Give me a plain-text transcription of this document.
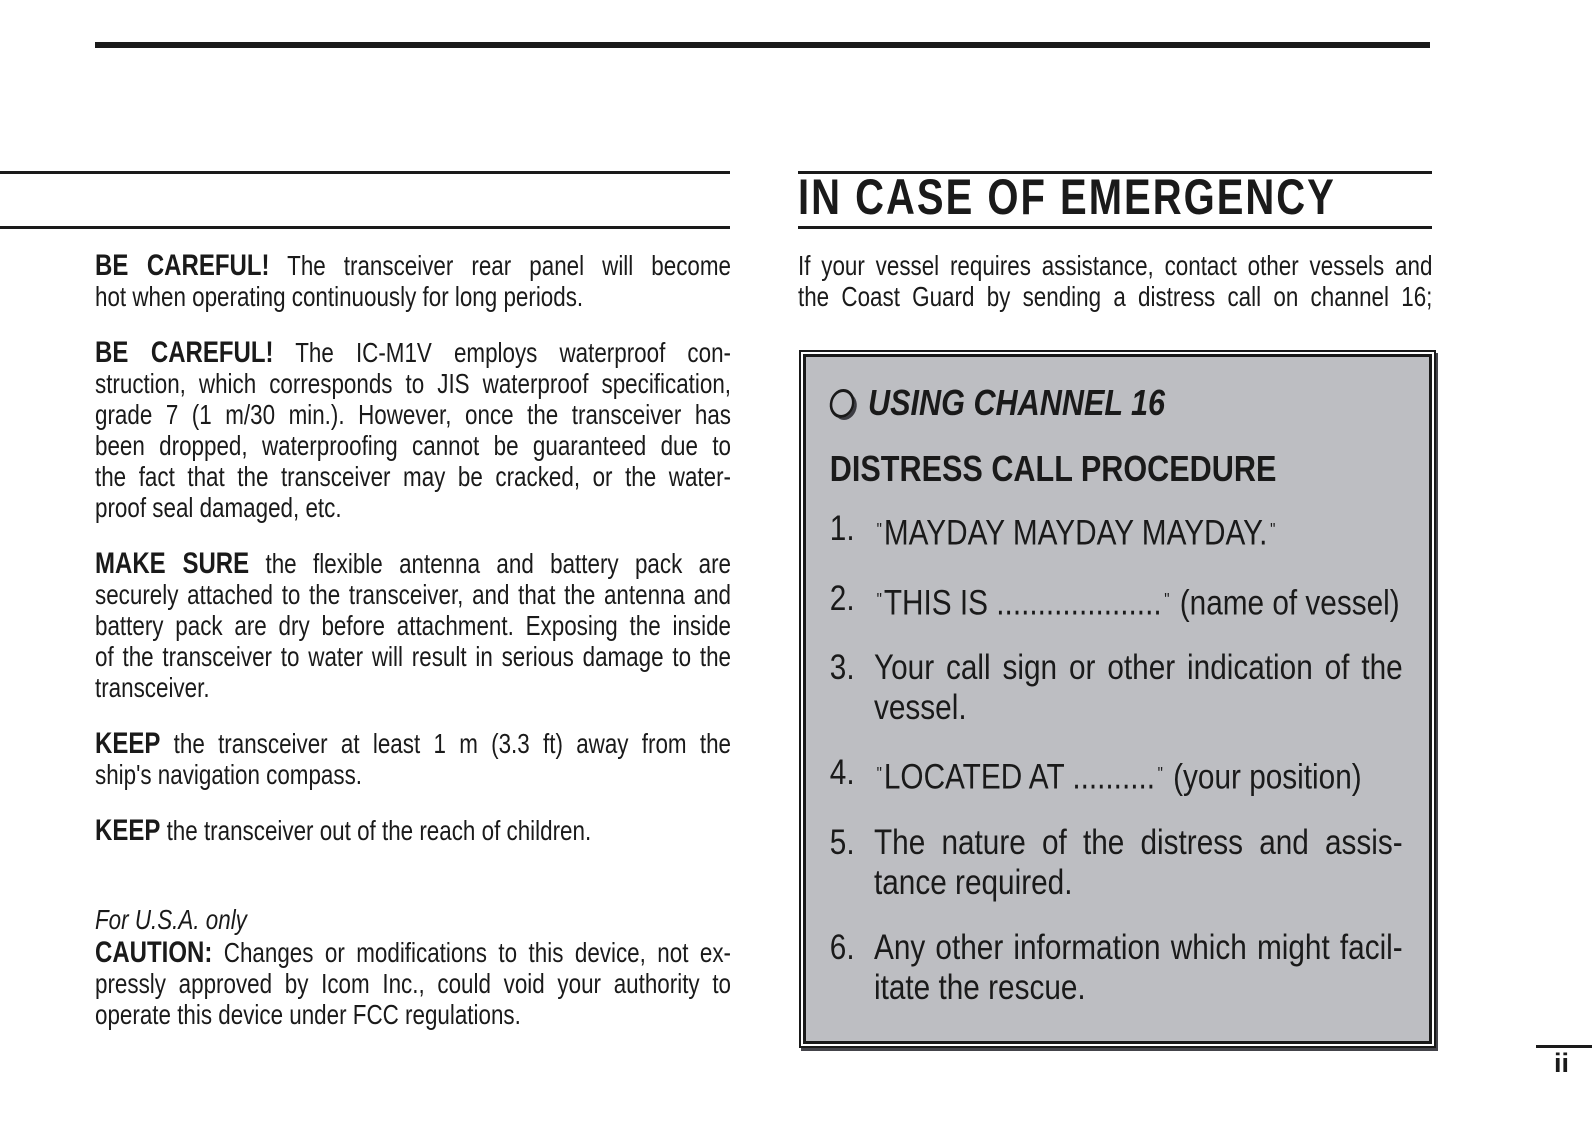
IN CASE OF EMERGENCY
BE CAREFUL! The transceiver rear panel will become
hot when operating continuously for long periods.
BE CAREFUL! The IC-M1V employs waterproof con-
struction, which corresponds to JIS waterproof specification,
grade 7 (1 m/30 min.). However, once the transceiver has
been dropped, waterproofing cannot be guaranteed due to
the fact that the transceiver may be cracked, or the water-
proof seal damaged, etc.
MAKE SURE the flexible antenna and battery pack are
securely attached to the transceiver, and that the antenna and
battery pack are dry before attachment. Exposing the inside
of the transceiver to water will result in serious damage to the
transceiver.
KEEP the transceiver at least 1 m (3.3 ft) away from the
ship's navigation compass.
KEEP the transceiver out of the reach of children.
For U.S.A. only
CAUTION: Changes or modifications to this device, not ex-
pressly approved by Icom Inc., could void your authority to
operate this device under FCC regulations.
If your vessel requires assistance, contact other vessels and
the Coast Guard by sending a distress call on channel 16;
USING CHANNEL 16
DISTRESS CALL PROCEDURE
1.	"MAYDAY MAYDAY MAYDAY. "
2.	"THIS IS .................... " (name of vessel)
3. Your call sign or other indication of the
vessel.
4.	"LOCATED AT .......... " (your position)
5. The nature of the distress and assis-
tance required.
6. Any other information which might facil-
itate the rescue.
ii
